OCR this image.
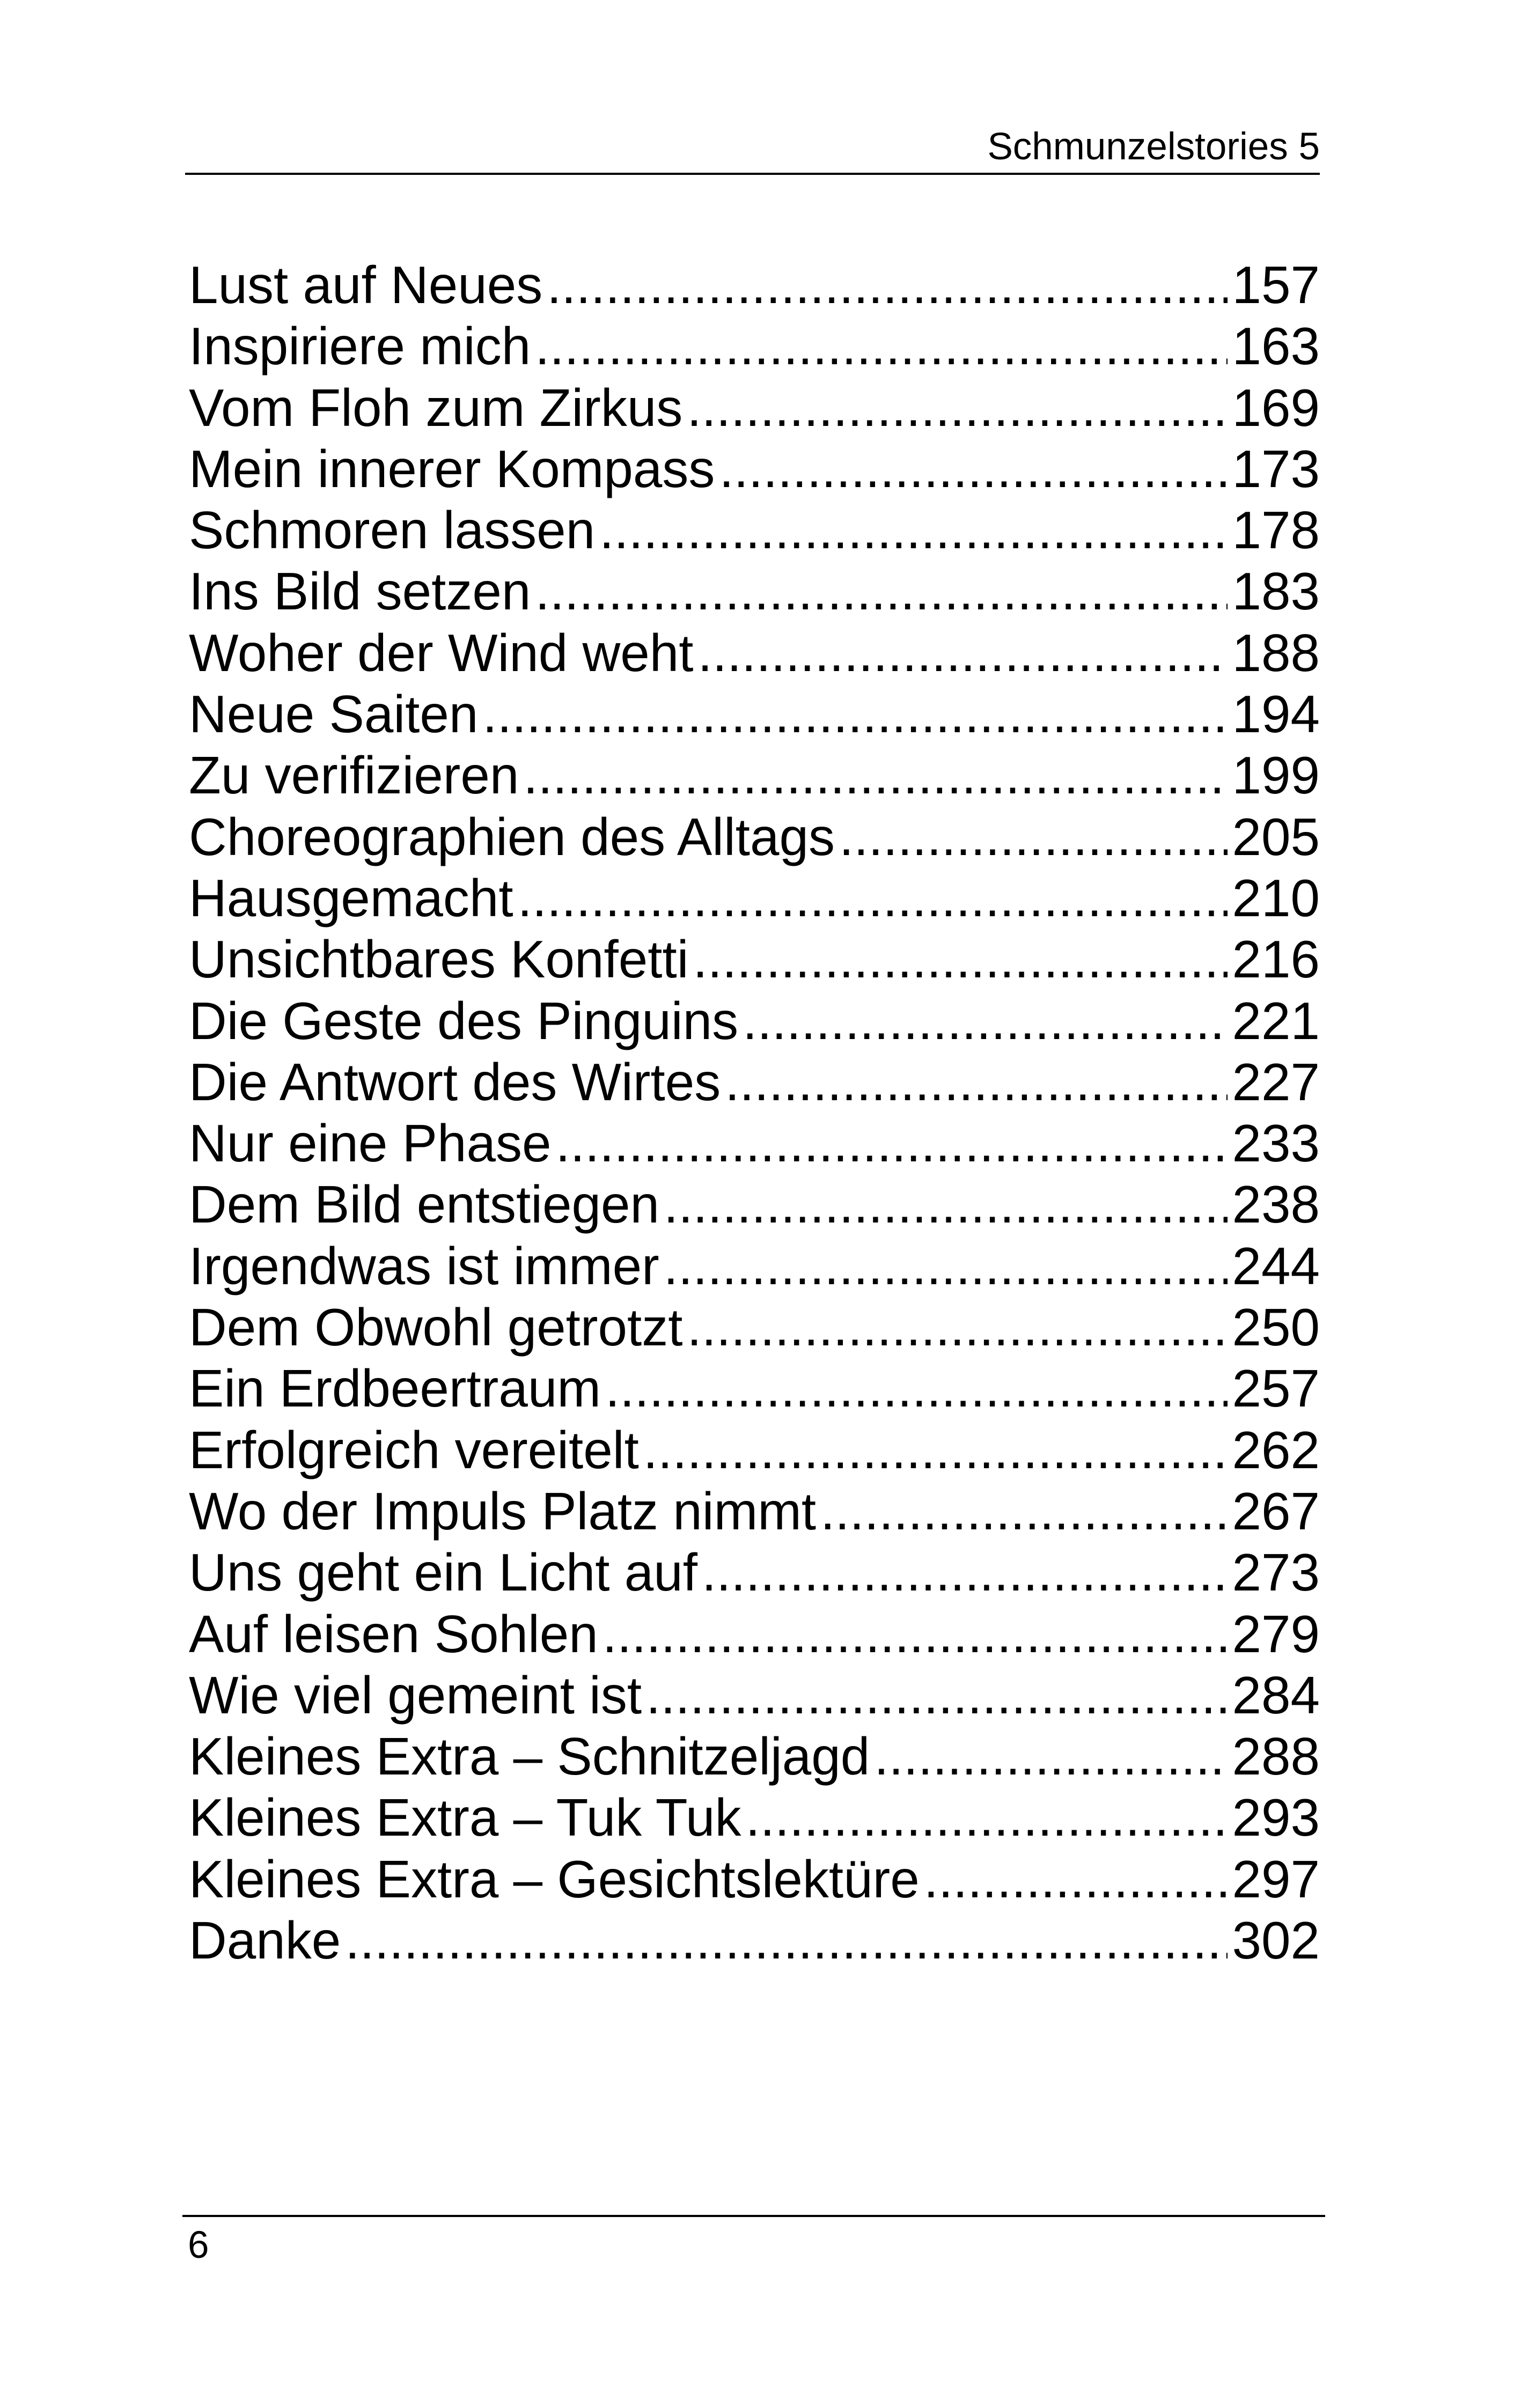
Schmunzelstories 5
Lust auf Neues .....	157
Inspiriere mich .....	163
Vom Floh zum Zirkus .....	169
Mein innerer Kompass .....	173
Schmoren lassen .....	178
Ins Bild setzen .....	183
Woher der Wind weht .....	188
Neue Saiten .....	194
Zu verifizieren .....	199
Choreographien des Alltags .....	205
Hausgemacht .....	210
Unsichtbares Konfetti .....	216
Die Geste des Pinguins .....	221
Die Antwort des Wirtes .....	227
Nur eine Phase .....	233
Dem Bild entstiegen .....	238
Irgendwas ist immer .....	244
Dem Obwohl getrotzt .....	250
Ein Erdbeertraum .....	257
Erfolgreich vereitelt .....	262
Wo der Impuls Platz nimmt .....	267
Uns geht ein Licht auf .....	273
Auf leisen Sohlen .....	279
Wie viel gemeint ist .....	284
Kleines Extra – Schnitzeljagd .....	288
Kleines Extra – Tuk Tuk .....	293
Kleines Extra – Gesichtslektüre .....	297
Danke .....	302
6
